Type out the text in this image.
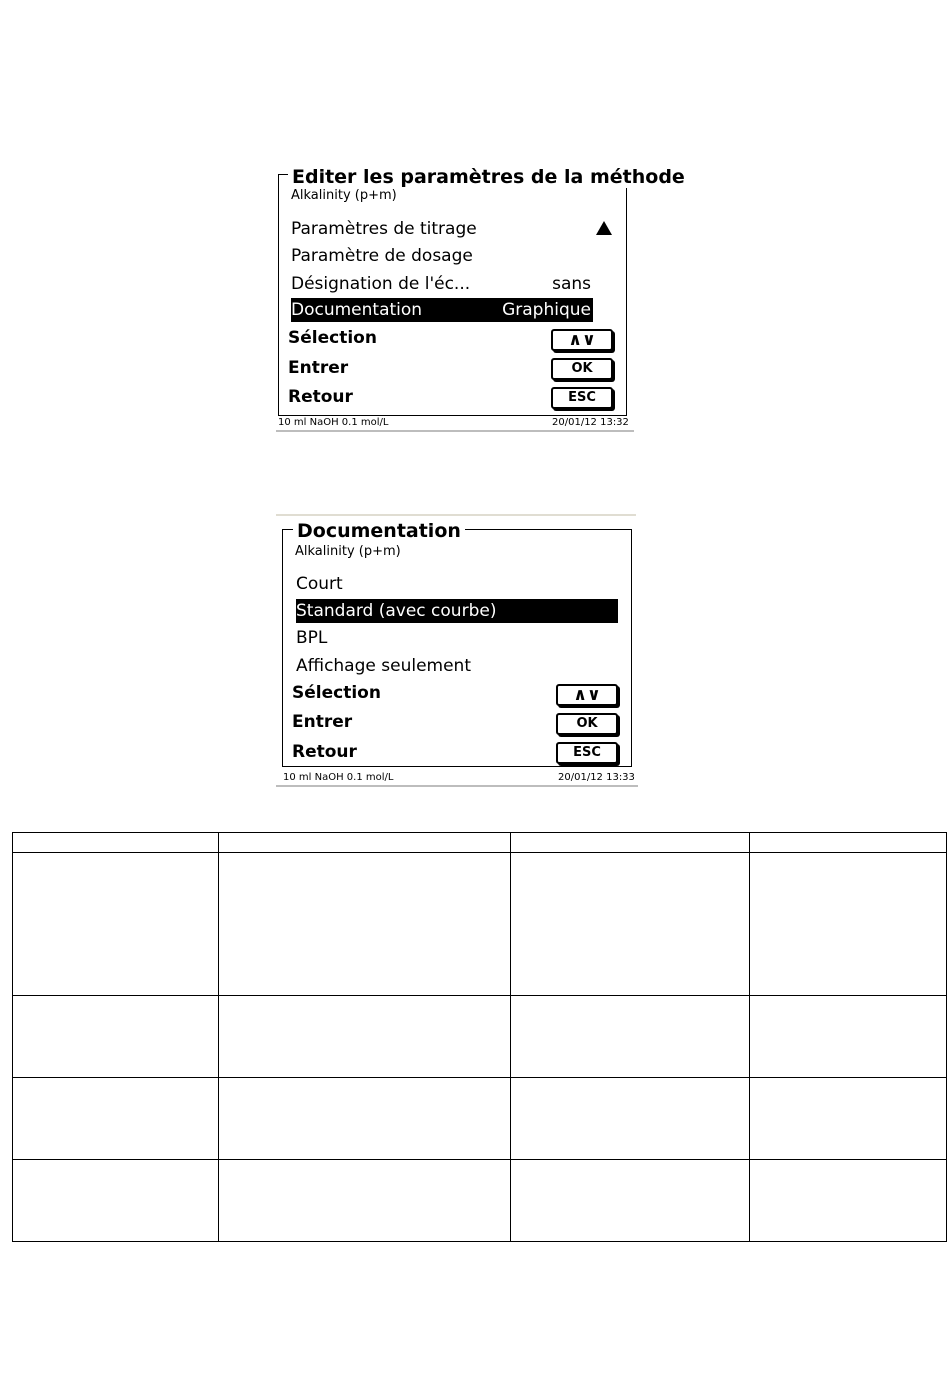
Editer les paramètres de la méthode
Alkalinity (p+m)
Paramètres de titrage
Paramètre de dosage
Désignation de l'éc...	sans
Documentation	Graphique
Sélection	∧∨
Entrer	OK
Retour	ESC
10 ml NaOH 0.1 mol/L	20/01/12 13:32
Documentation
Alkalinity (p+m)
Court
Standard (avec courbe)
BPL
Affichage seulement
Sélection	∧∨
Entrer	OK
Retour	ESC
10 ml NaOH 0.1 mol/L	20/01/12 13:33
